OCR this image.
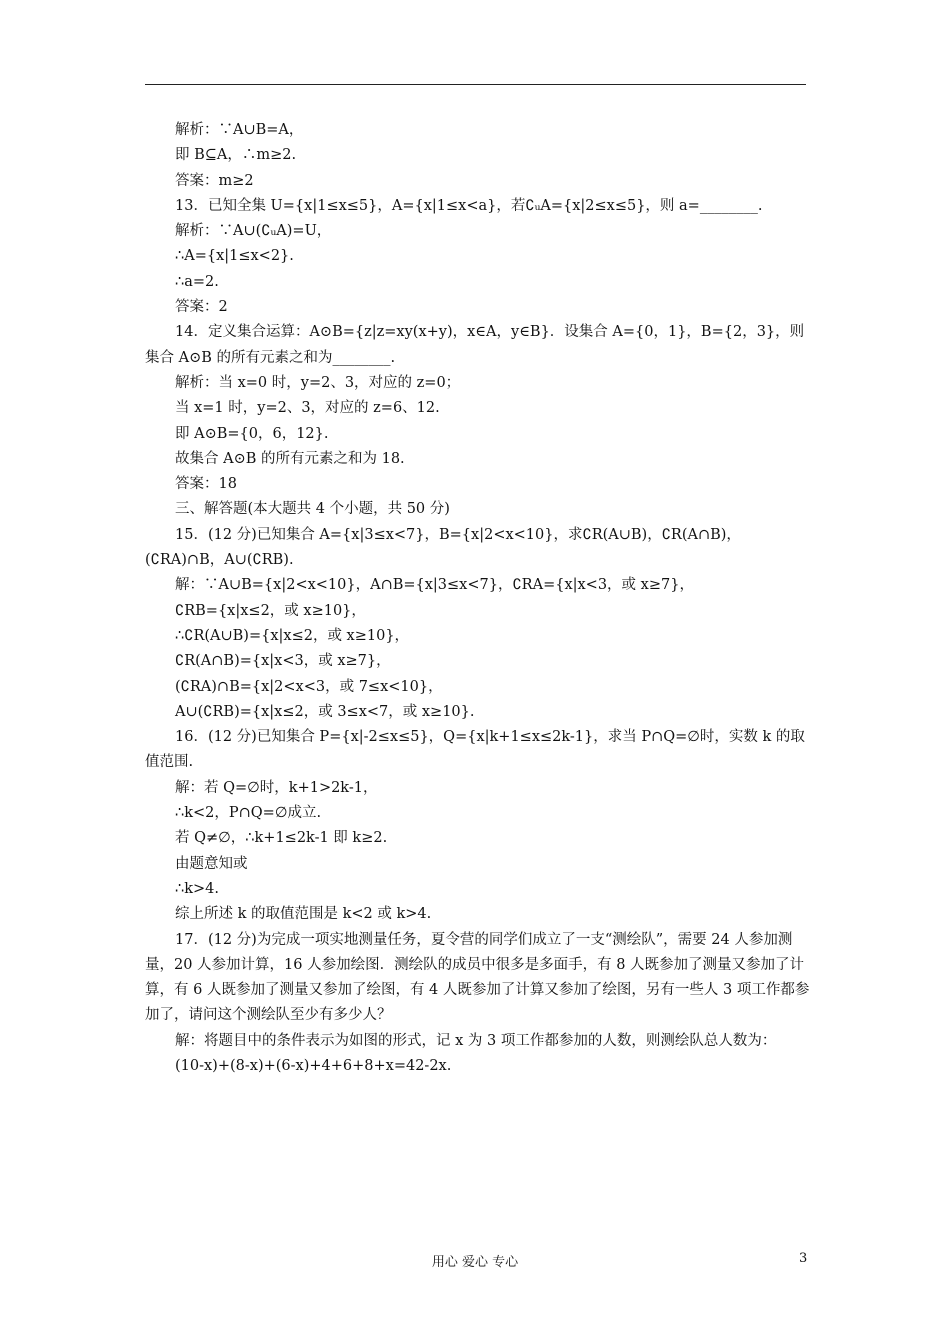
解析：∵A∪B=A，
即 B⊆A，∴m≥2.
答案：m≥2
13．已知全集 U={x|1≤x≤5}，A={x|1≤x<a}，若∁ᵤA={x|2≤x≤5}，则 a=________.
解析：∵A∪(∁ᵤA)=U，
∴A={x|1≤x<2}.
∴a=2.
答案：2
14．定义集合运算：A⊙B={z|z=xy(x+y)，x∈A，y∈B}．设集合 A={0，1}，B={2，3}，则集合 A⊙B 的所有元素之和为________.
解析：当 x=0 时，y=2、3，对应的 z=0；
当 x=1 时，y=2、3，对应的 z=6、12.
即 A⊙B={0，6，12}.
故集合 A⊙B 的所有元素之和为 18.
答案：18
三、解答题(本大题共 4 个小题，共 50 分)
15．(12 分)已知集合 A={x|3≤x<7}，B={x|2<x<10}，求∁R(A∪B)，∁R(A∩B)，(∁RA)∩B，A∪(∁RB).
解：∵A∪B={x|2<x<10}，A∩B={x|3≤x<7}，∁RA={x|x<3，或 x≥7}，
∁RB={x|x≤2，或 x≥10}，
∴∁R(A∪B)={x|x≤2，或 x≥10}，
∁R(A∩B)={x|x<3，或 x≥7}，
(∁RA)∩B={x|2<x<3，或 7≤x<10}，
A∪(∁RB)={x|x≤2，或 3≤x<7，或 x≥10}.
16．(12 分)已知集合 P={x|-2≤x≤5}，Q={x|k+1≤x≤2k-1}，求当 P∩Q=∅时，实数 k 的取值范围.
解：若 Q=∅时，k+1>2k-1，
∴k<2，P∩Q=∅成立.
若 Q≠∅，∴k+1≤2k-1 即 k≥2.
由题意知或
∴k>4.
综上所述 k 的取值范围是 k<2 或 k>4.
17．(12 分)为完成一项实地测量任务，夏令营的同学们成立了一支“测绘队”，需要 24 人参加测量，20 人参加计算，16 人参加绘图．测绘队的成员中很多是多面手，有 8 人既参加了测量又参加了计算，有 6 人既参加了测量又参加了绘图，有 4 人既参加了计算又参加了绘图，另有一些人 3 项工作都参加了，请问这个测绘队至少有多少人？
解：将题目中的条件表示为如图的形式，记 x 为 3 项工作都参加的人数，则测绘队总人数为：
(10-x)+(8-x)+(6-x)+4+6+8+x=42-2x.
用心 爱心 专心	3
